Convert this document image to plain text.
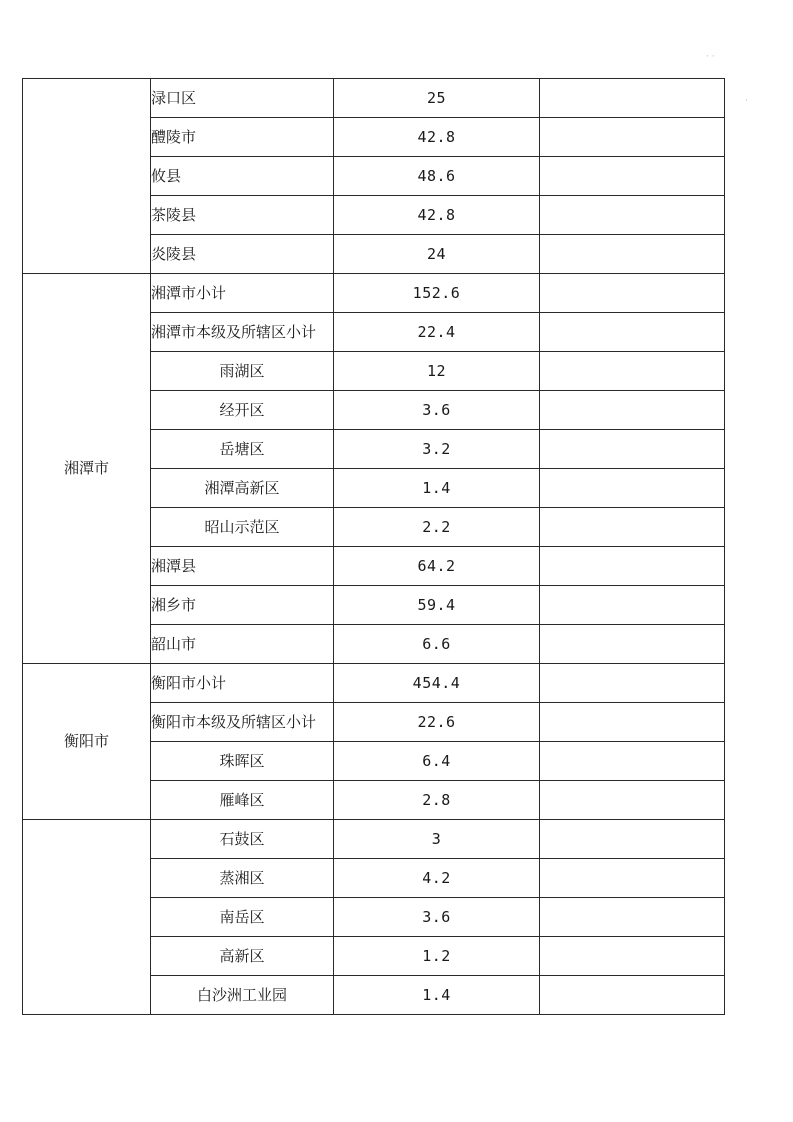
· ·
·
	渌口区	25	
	醴陵市	42.8	
	攸县	48.6	
	茶陵县	42.8	
	炎陵县	24	
湘潭市	湘潭市小计	152.6	
	湘潭市本级及所辖区小计	22.4	
	雨湖区	12	
	经开区	3.6	
	岳塘区	3.2	
	湘潭高新区	1.4	
	昭山示范区	2.2	
	湘潭县	64.2	
	湘乡市	59.4	
	韶山市	6.6	
衡阳市	衡阳市小计	454.4	
	衡阳市本级及所辖区小计	22.6	
	珠晖区	6.4	
	雁峰区	2.8	
	石鼓区	3	
	蒸湘区	4.2	
	南岳区	3.6	
	高新区	1.2	
	白沙洲工业园	1.4	
